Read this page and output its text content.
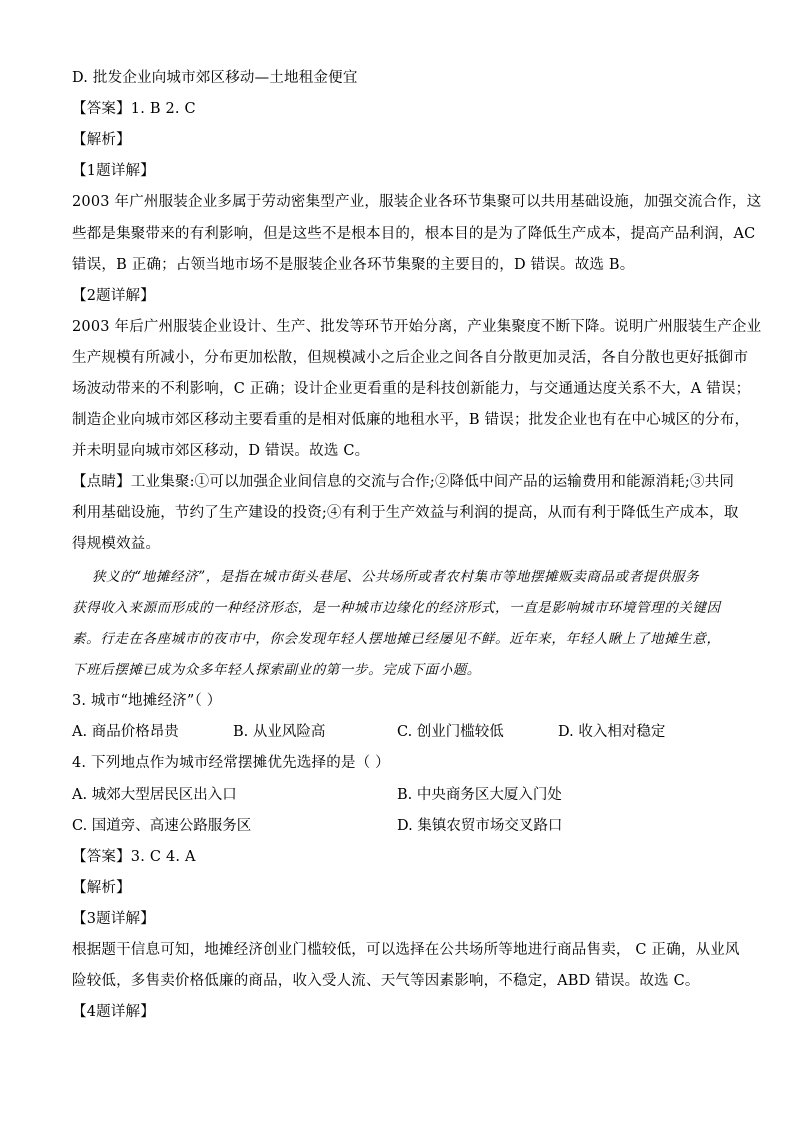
D. 批发企业向城市郊区移动—土地租金便宜
【答案】1. B 2. C
【解析】
【1题详解】
2003 年广州服装企业多属于劳动密集型产业，服装企业各环节集聚可以共用基础设施，加强交流合作，这
些都是集聚带来的有利影响，但是这些不是根本目的，根本目的是为了降低生产成本，提高产品利润，AC
错误，B 正确；占领当地市场不是服装企业各环节集聚的主要目的，D 错误。故选 B。
【2题详解】
2003 年后广州服装企业设计、生产、批发等环节开始分离，产业集聚度不断下降。说明广州服装生产企业
生产规模有所减小，分布更加松散，但规模减小之后企业之间各自分散更加灵活，各自分散也更好抵御市
场波动带来的不利影响，C 正确；设计企业更看重的是科技创新能力，与交通通达度关系不大，A 错误；
制造企业向城市郊区移动主要看重的是相对低廉的地租水平，B 错误；批发企业也有在中心城区的分布，
并未明显向城市郊区移动，D 错误。故选 C。
【点睛】工业集聚:①可以加强企业间信息的交流与合作;②降低中间产品的运输费用和能源消耗;③共同
利用基础设施，节约了生产建设的投资;④有利于生产效益与利润的提高，从而有利于降低生产成本，取
得规模效益。
狭义的“地摊经济”，是指在城市街头巷尾、公共场所或者农村集市等地摆摊贩卖商品或者提供服务
获得收入来源而形成的一种经济形态，是一种城市边缘化的经济形式，一直是影响城市环境管理的关键因
素。行走在各座城市的夜市中，你会发现年轻人摆地摊已经屡见不鲜。近年来，年轻人瞅上了地摊生意，
下班后摆摊已成为众多年轻人探索副业的第一步。完成下面小题。
3. 城市“地摊经济”（ ）
A. 商品价格昂贵	B. 从业风险高	C. 创业门槛较低	D. 收入相对稳定
4. 下列地点作为城市经常摆摊优先选择的是（ ）
A. 城郊大型居民区出入口	B. 中央商务区大厦入门处
C. 国道旁、高速公路服务区	D. 集镇农贸市场交叉路口
【答案】3. C 4. A
【解析】
【3题详解】
根据题干信息可知，地摊经济创业门槛较低，可以选择在公共场所等地进行商品售卖， C 正确，从业风
险较低，多售卖价格低廉的商品，收入受人流、天气等因素影响，不稳定，ABD 错误。故选 C。
【4题详解】
